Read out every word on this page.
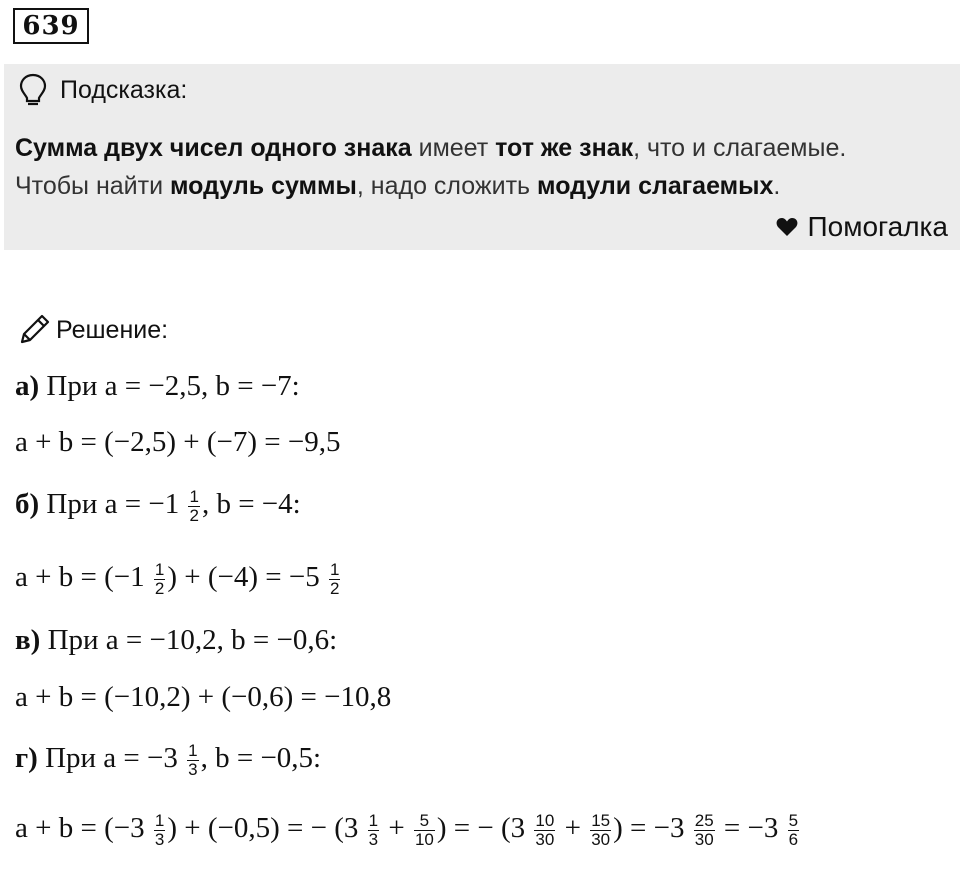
639
Подсказка:
Сумма двух чисел одного знака имеет тот же знак, что и слагаемые.
Чтобы найти модуль суммы, надо сложить модули слагаемых.
Помогалка
Решение:
а) При a = −2,5, b = −7:
a + b = (−2,5) + (−7) = −9,5
б) При $a = -1 \frac{1}{2}$ , b = −4:
$a + b = (-1 \frac{1}{2}$ ) + $(-4) = -5 \frac{1}{2}$
в) При a = −10,2, b = −0,6:
a + b = (−10,2) + (−0,6) = −10,8
г) При $a = -3 \frac{1}{3}$ , b = −0,5:
$a + b = (-3 \frac{1}{3}$ ) + (−0,5) = − ($3 \frac{1}{3} + \frac{5}{10}$ ) = − ($3 \frac{10}{30} + \frac{15}{30}$ ) = $-3 \frac{25}{30} = -3 \frac{5}{6}$
